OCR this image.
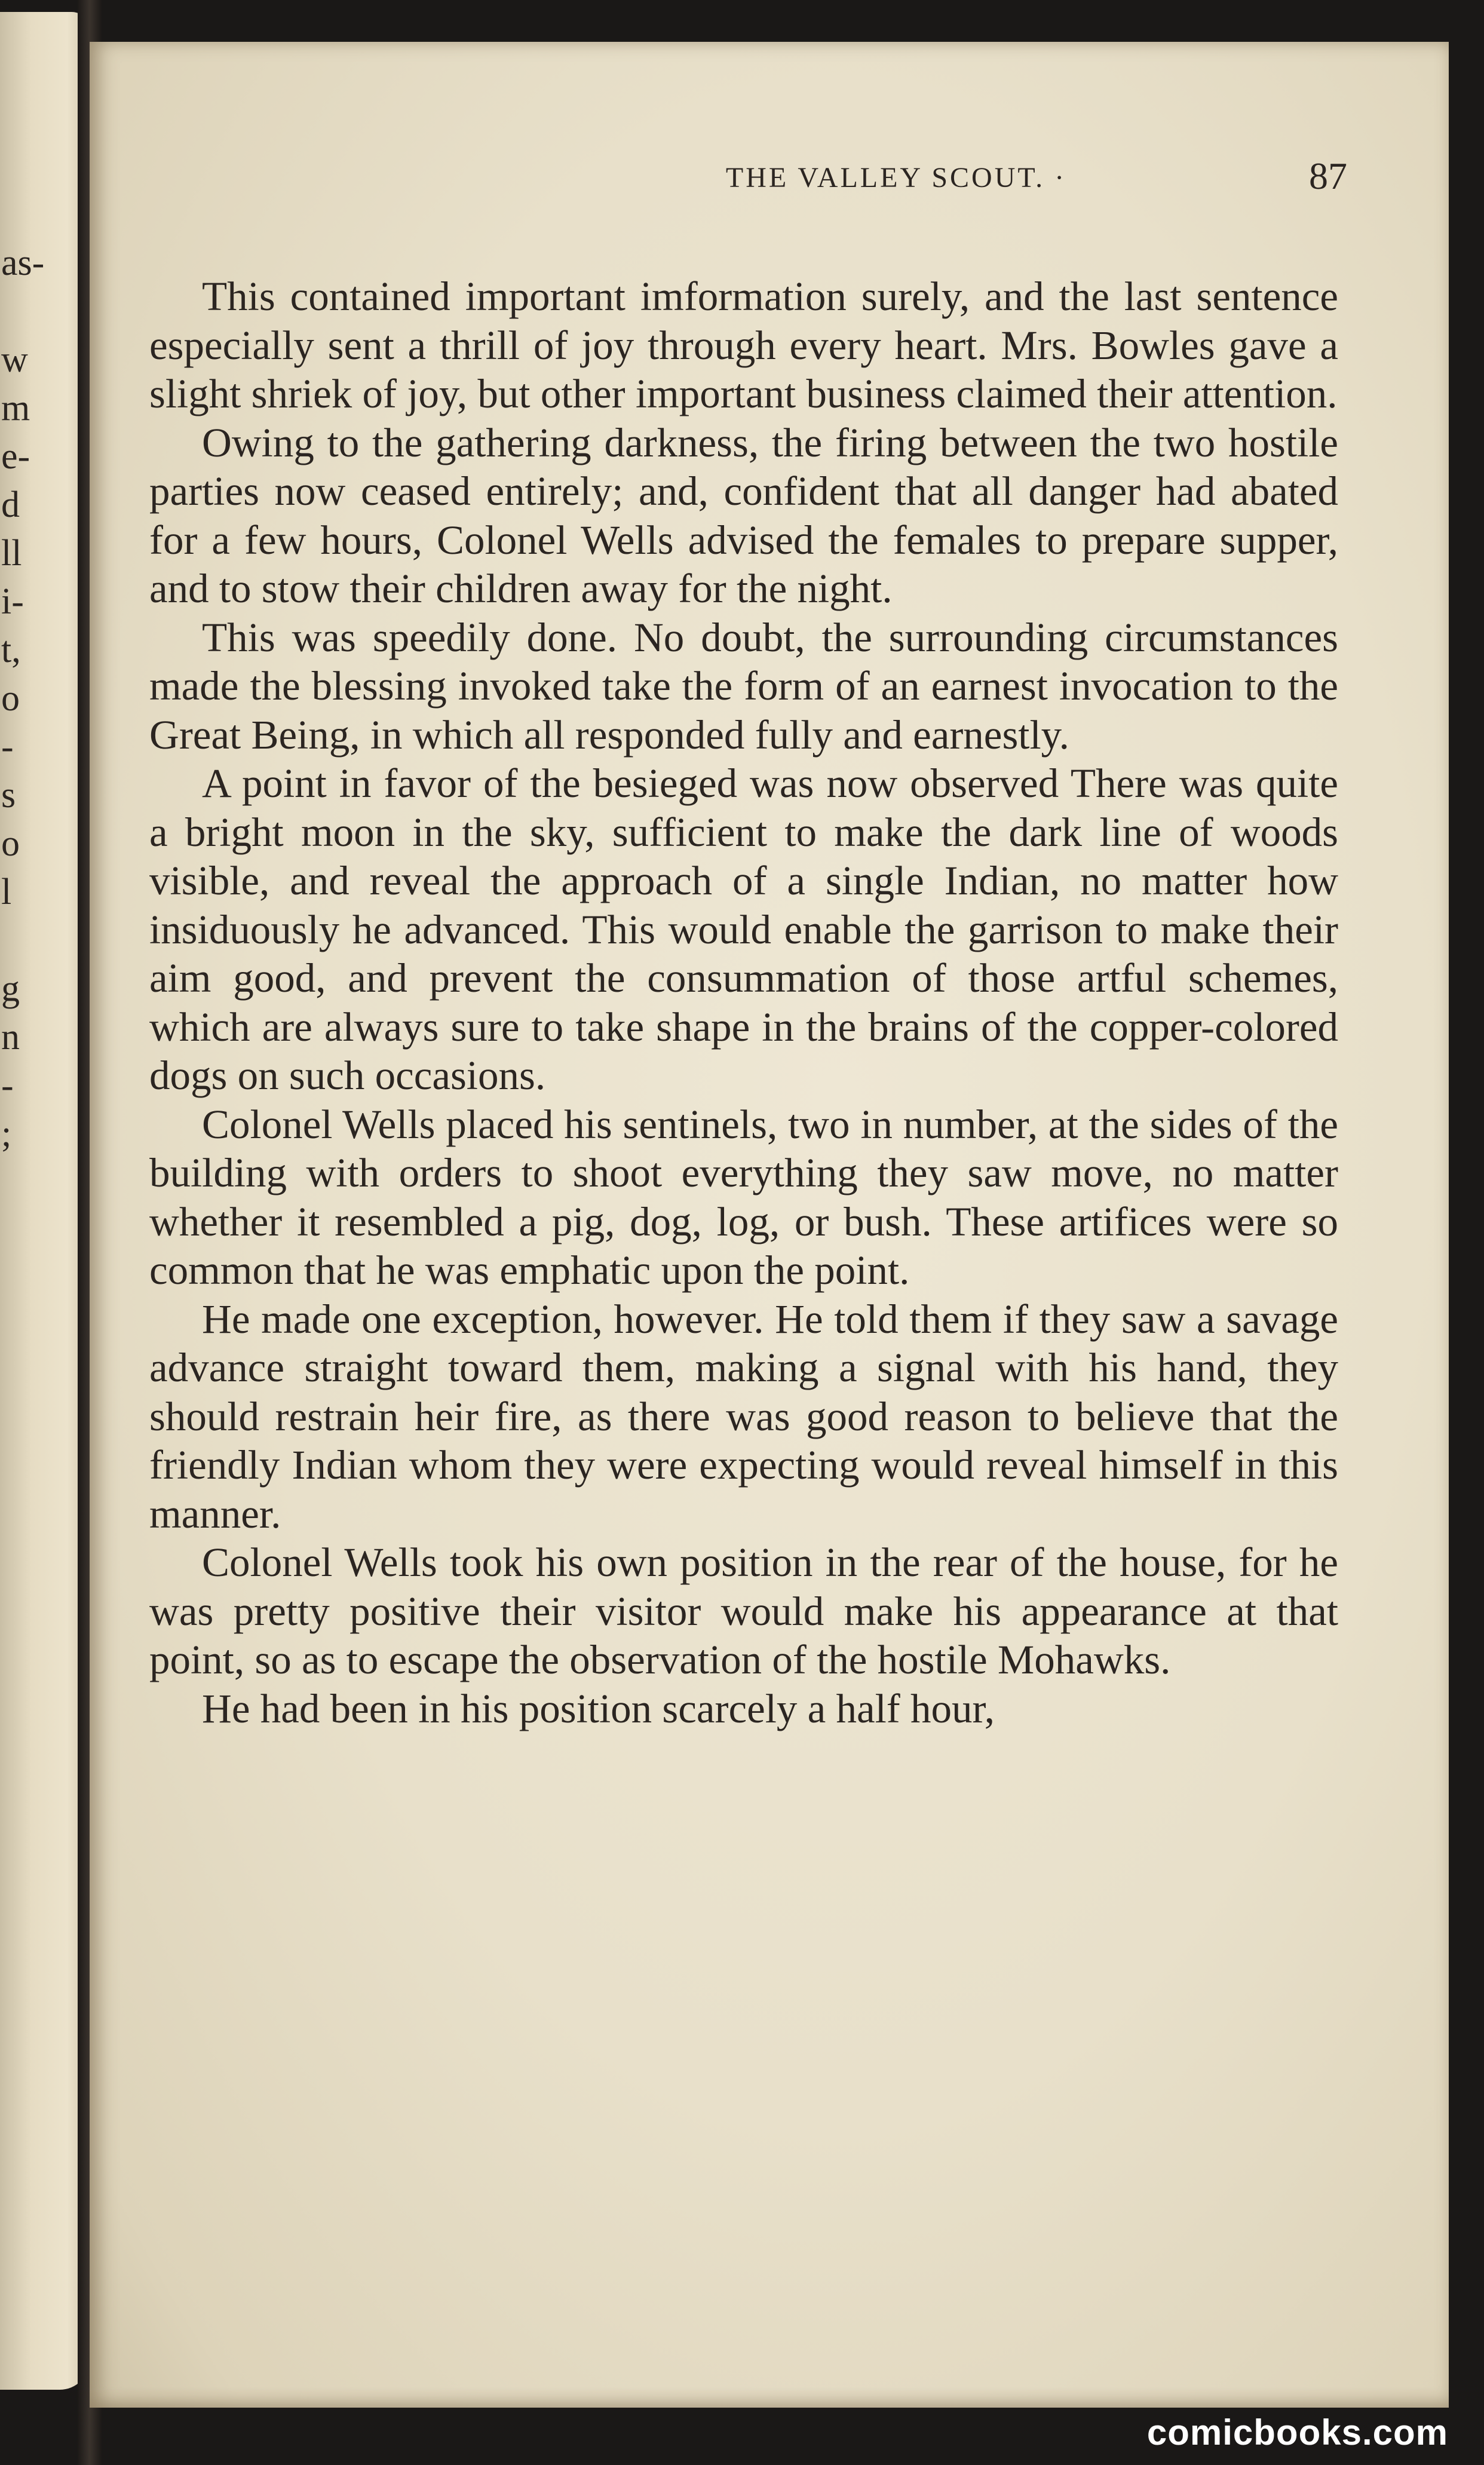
as-
w
m
e-
d
ll
i-
t,
o
-
s
o
l
g
n
-
;
THE VALLEY SCOUT. ·	87

This contained important imformation surely, and the last sentence especially sent a thrill of joy through every heart. Mrs. Bowles gave a slight shriek of joy, but other important business claimed their attention.

Owing to the gathering darkness, the firing between the two hostile parties now ceased entirely; and, confident that all danger had abated for a few hours, Colonel Wells advised the females to prepare supper, and to stow their children away for the night.

This was speedily done. No doubt, the surrounding circumstances made the blessing invoked take the form of an earnest invocation to the Great Being, in which all responded fully and earnestly.

A point in favor of the besieged was now observed There was quite a bright moon in the sky, sufficient to make the dark line of woods visible, and reveal the approach of a single Indian, no matter how insiduously he advanced. This would enable the garrison to make their aim good, and prevent the consummation of those artful schemes, which are always sure to take shape in the brains of the copper-colored dogs on such occasions.

Colonel Wells placed his sentinels, two in number, at the sides of the building with orders to shoot everything they saw move, no matter whether it resembled a pig, dog, log, or bush. These artifices were so common that he was emphatic upon the point.

He made one exception, however. He told them if they saw a savage advance straight toward them, making a signal with his hand, they should restrain heir fire, as there was good reason to believe that the friendly Indian whom they were expecting would reveal himself in this manner.

Colonel Wells took his own position in the rear of the house, for he was pretty positive their visitor would make his appearance at that point, so as to escape the observation of the hostile Mohawks.

He had been in his position scarcely a half hour,

comicbooks.com
